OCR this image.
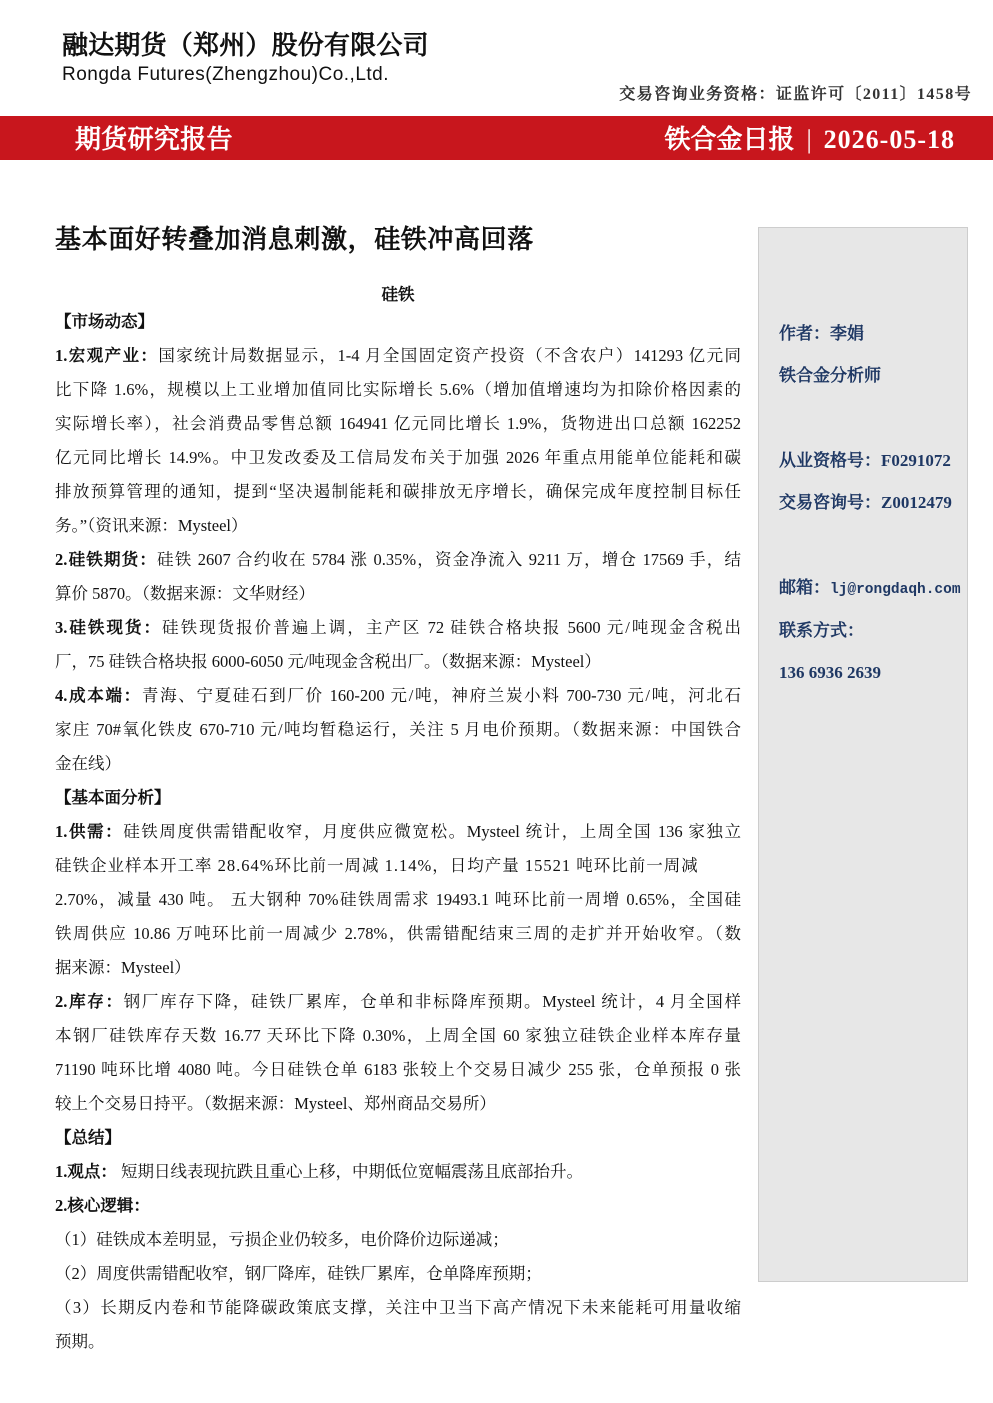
融达期货（郑州）股份有限公司
Rongda Futures(Zhengzhou)Co.,Ltd.
交易咨询业务资格：证监许可〔2011〕1458号
期货研究报告	铁合金日报 | 2026-05-18
基本面好转叠加消息刺激，硅铁冲高回落
硅铁
【市场动态】
1.宏观产业：国家统计局数据显示，1-4 月全国固定资产投资（不含农户）141293 亿元同
比下降 1.6%，规模以上工业增加值同比实际增长 5.6%（增加值增速均为扣除价格因素的
实际增长率），社会消费品零售总额 164941 亿元同比增长 1.9%，货物进出口总额 162252
亿元同比增长 14.9%。中卫发改委及工信局发布关于加强 2026 年重点用能单位能耗和碳
排放预算管理的通知，提到“坚决遏制能耗和碳排放无序增长，确保完成年度控制目标任
务。”（资讯来源：Mysteel）
2.硅铁期货：硅铁 2607 合约收在 5784 涨 0.35%，资金净流入 9211 万，增仓 17569 手，结
算价 5870。（数据来源：文华财经）
3.硅铁现货：硅铁现货报价普遍上调，主产区 72 硅铁合格块报 5600 元/吨现金含税出
厂，75 硅铁合格块报 6000-6050 元/吨现金含税出厂。（数据来源：Mysteel）
4.成本端：青海、宁夏硅石到厂价 160-200 元/吨，神府兰炭小料 700-730 元/吨，河北石
家庄 70#氧化铁皮 670-710 元/吨均暂稳运行，关注 5 月电价预期。（数据来源：中国铁合
金在线）
【基本面分析】
1.供需：硅铁周度供需错配收窄，月度供应微宽松。Mysteel 统计，上周全国 136 家独立
硅铁企业样本开工率 28.64%环比前一周减 1.14%，日均产量 15521 吨环比前一周减
2.70%，减量 430 吨。 五大钢种 70%硅铁周需求 19493.1 吨环比前一周增 0.65%，全国硅
铁周供应 10.86 万吨环比前一周减少 2.78%，供需错配结束三周的走扩并开始收窄。（数
据来源：Mysteel）
2.库存：钢厂库存下降，硅铁厂累库，仓单和非标降库预期。Mysteel 统计，4 月全国样
本钢厂硅铁库存天数 16.77 天环比下降 0.30%，上周全国 60 家独立硅铁企业样本库存量
71190 吨环比增 4080 吨。今日硅铁仓单 6183 张较上个交易日减少 255 张，仓单预报 0 张
较上个交易日持平。（数据来源：Mysteel、郑州商品交易所）
【总结】
1.观点： 短期日线表现抗跌且重心上移，中期低位宽幅震荡且底部抬升。
2.核心逻辑：
（1）硅铁成本差明显，亏损企业仍较多，电价降价边际递减；
（2）周度供需错配收窄，钢厂降库，硅铁厂累库，仓单降库预期；
（3）长期反内卷和节能降碳政策底支撑，关注中卫当下高产情况下未来能耗可用量收缩
预期。
作者：李娟
铁合金分析师
从业资格号：F0291072
交易咨询号：Z0012479
邮箱：lj@rongdaqh.com
联系方式：
136 6936 2639
